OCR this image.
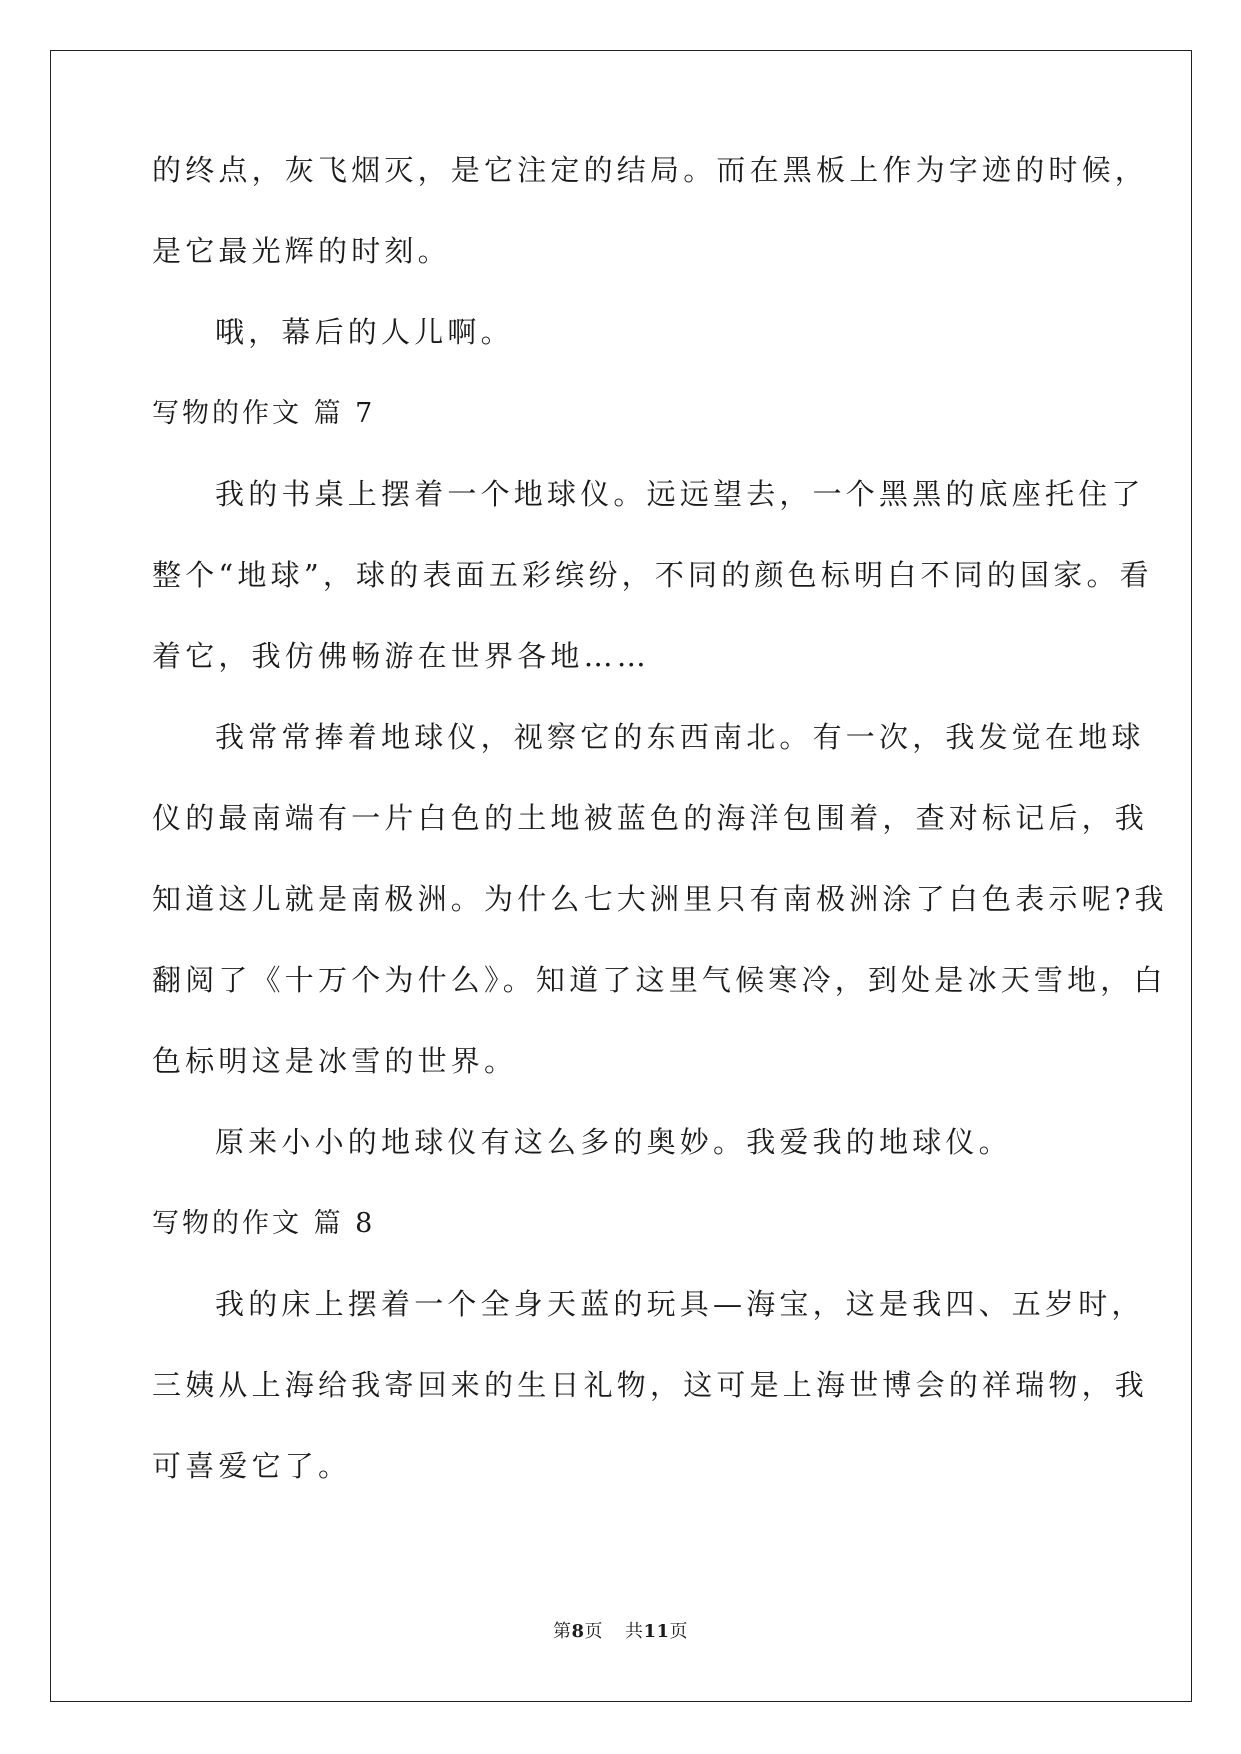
的终点，灰飞烟灭，是它注定的结局。而在黑板上作为字迹的时候，

是它最光辉的时刻。

哦，幕后的人儿啊。

写物的作文 篇 7

我的书桌上摆着一个地球仪。远远望去，一个黑黑的底座托住了

整个“地球”，球的表面五彩缤纷，不同的颜色标明白不同的国家。看

着它，我仿佛畅游在世界各地……

我常常捧着地球仪，视察它的东西南北。有一次，我发觉在地球

仪的最南端有一片白色的土地被蓝色的海洋包围着，查对标记后，我

知道这儿就是南极洲。为什么七大洲里只有南极洲涂了白色表示呢?我

翻阅了《十万个为什么》。知道了这里气候寒冷，到处是冰天雪地，白

色标明这是冰雪的世界。

原来小小的地球仪有这么多的奥妙。我爱我的地球仪。

写物的作文 篇 8

我的床上摆着一个全身天蓝的玩具—海宝，这是我四、五岁时，

三姨从上海给我寄回来的生日礼物，这可是上海世博会的祥瑞物，我

可喜爱它了。

第8页 共11页
